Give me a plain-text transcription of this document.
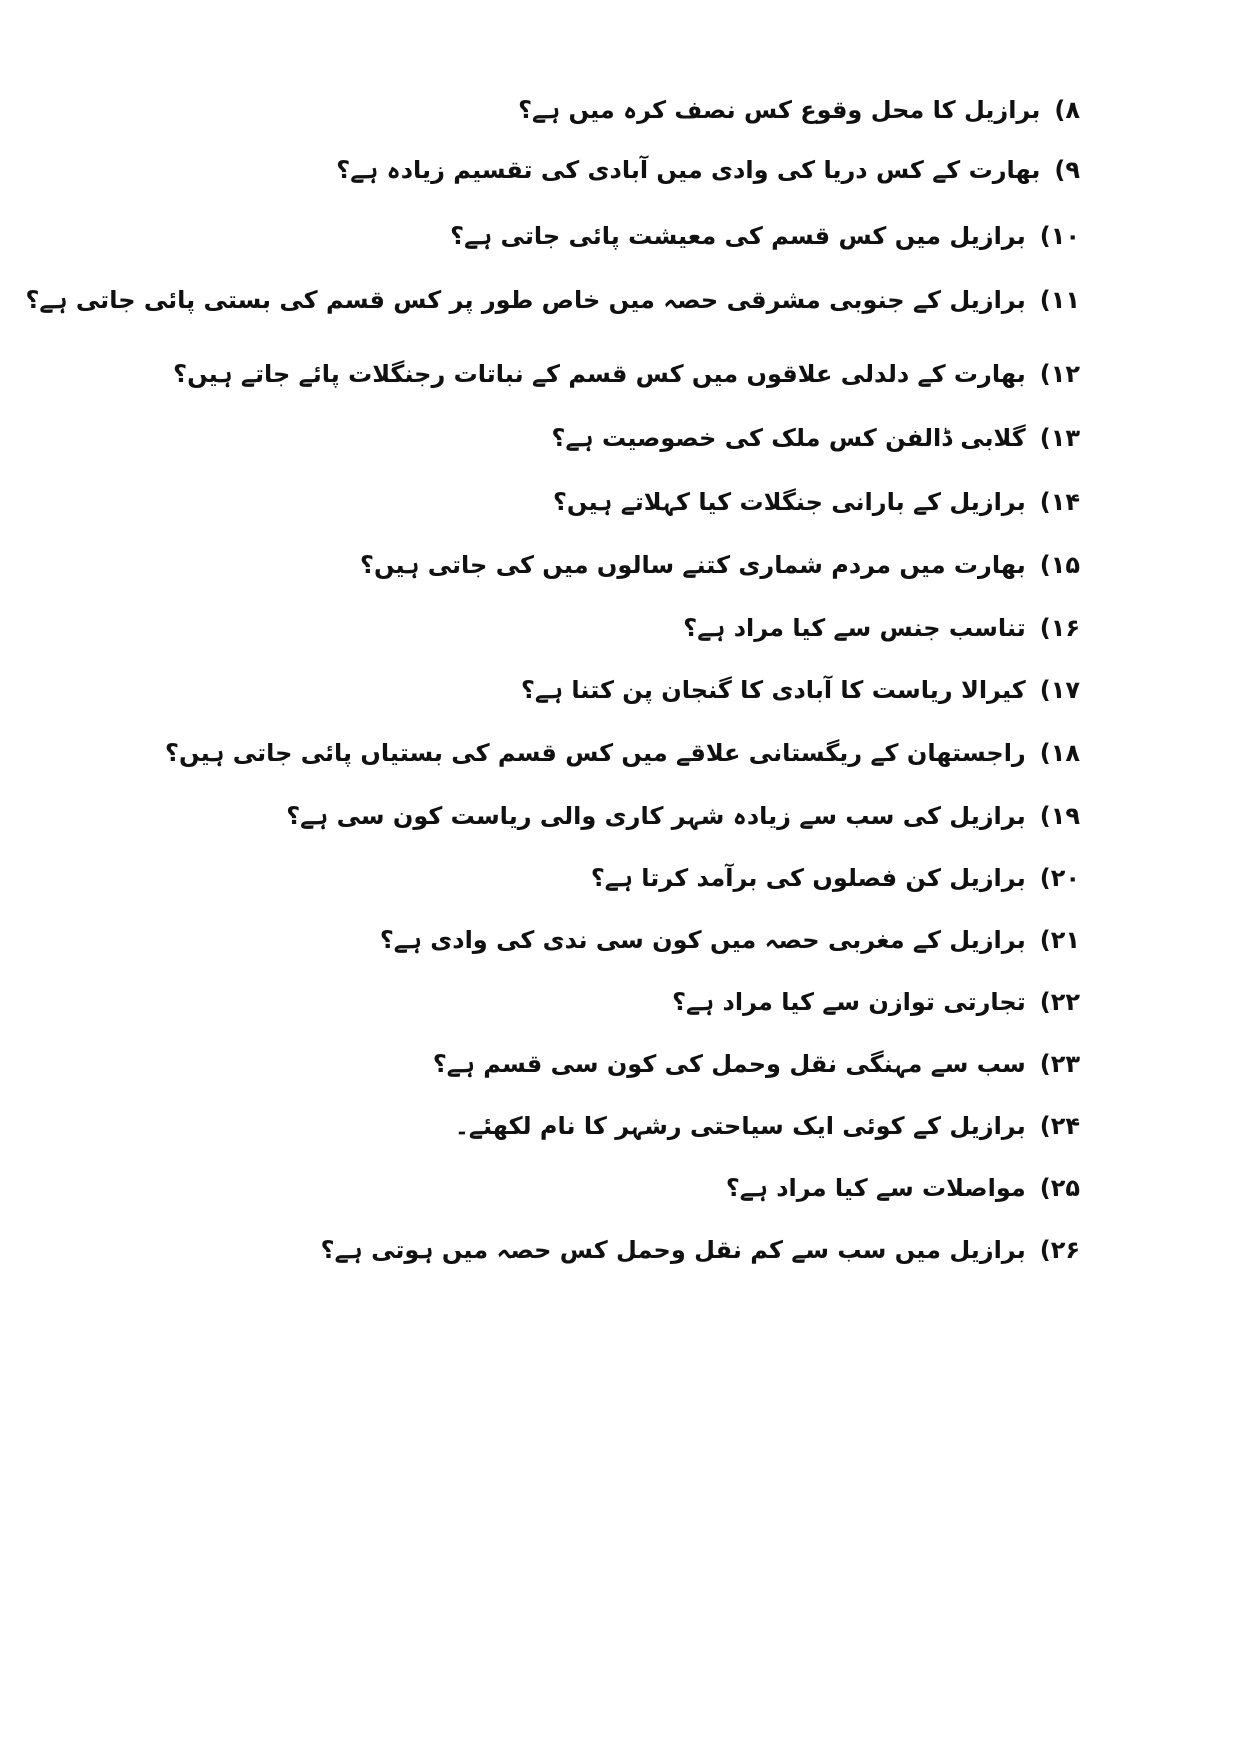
۸)برازیل کا محل وقوع کس نصف کرہ میں ہے؟
۹)بھارت کے کس دریا کی وادی میں آبادی کی تقسیم زیادہ ہے؟
۱۰)برازیل میں کس قسم کی معیشت پائی جاتی ہے؟
۱۱)برازیل کے جنوبی مشرقی حصہ میں خاص طور پر کس قسم کی بستی پائی جاتی ہے؟
۱۲)بھارت کے دلدلی علاقوں میں کس قسم کے نباتات رجنگلات پائے جاتے ہیں؟
۱۳)گلابی ڈالفن کس ملک کی خصوصیت ہے؟
۱۴)برازیل کے بارانی جنگلات کیا کہلاتے ہیں؟
۱۵)بھارت میں مردم شماری کتنے سالوں میں کی جاتی ہیں؟
۱۶)تناسب جنس سے کیا مراد ہے؟
۱۷)کیرالا ریاست کا آبادی کا گنجان پن کتنا ہے؟
۱۸)راجستھان کے ریگستانی علاقے میں کس قسم کی بستیاں پائی جاتی ہیں؟
۱۹)برازیل کی سب سے زیادہ شہر کاری والی ریاست کون سی ہے؟
۲۰)برازیل کن فصلوں کی برآمد کرتا ہے؟
۲۱)برازیل کے مغربی حصہ میں کون سی ندی کی وادی ہے؟
۲۲)تجارتی توازن سے کیا مراد ہے؟
۲۳)سب سے مہنگی نقل وحمل کی کون سی قسم ہے؟
۲۴)برازیل کے کوئی ایک سیاحتی رشہر کا نام لکھئے۔
۲۵)مواصلات سے کیا مراد ہے؟
۲۶)برازیل میں سب سے کم نقل وحمل کس حصہ میں ہوتی ہے؟
